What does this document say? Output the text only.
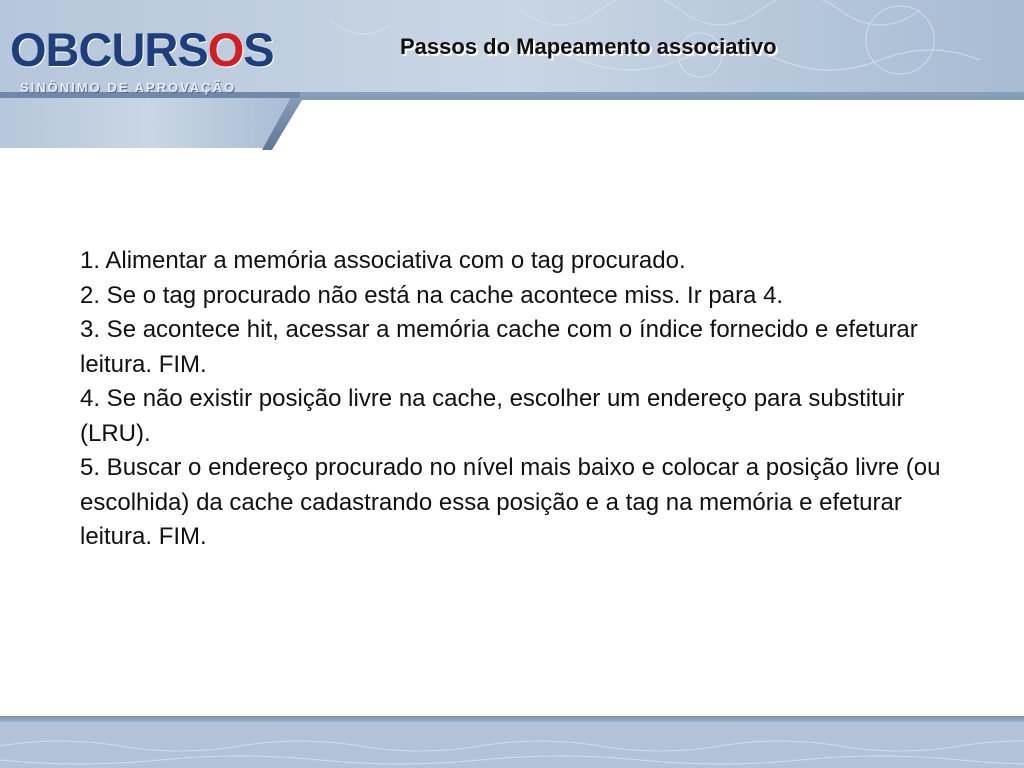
OBCURSOS
SINÔNIMO DE APROVAÇÃO
Passos do Mapeamento associativo

1. Alimentar a memória associativa com o tag procurado.

2. Se o tag procurado não está na cache acontece miss. Ir para 4.

3. Se acontece hit, acessar a memória cache com o índice fornecido e efeturar leitura. FIM.

4. Se não existir posição livre na cache, escolher um endereço para substituir (LRU).

5. Buscar o endereço procurado no nível mais baixo e colocar a posição livre (ou escolhida) da cache cadastrando essa posição e a tag na memória e efeturar leitura. FIM.
